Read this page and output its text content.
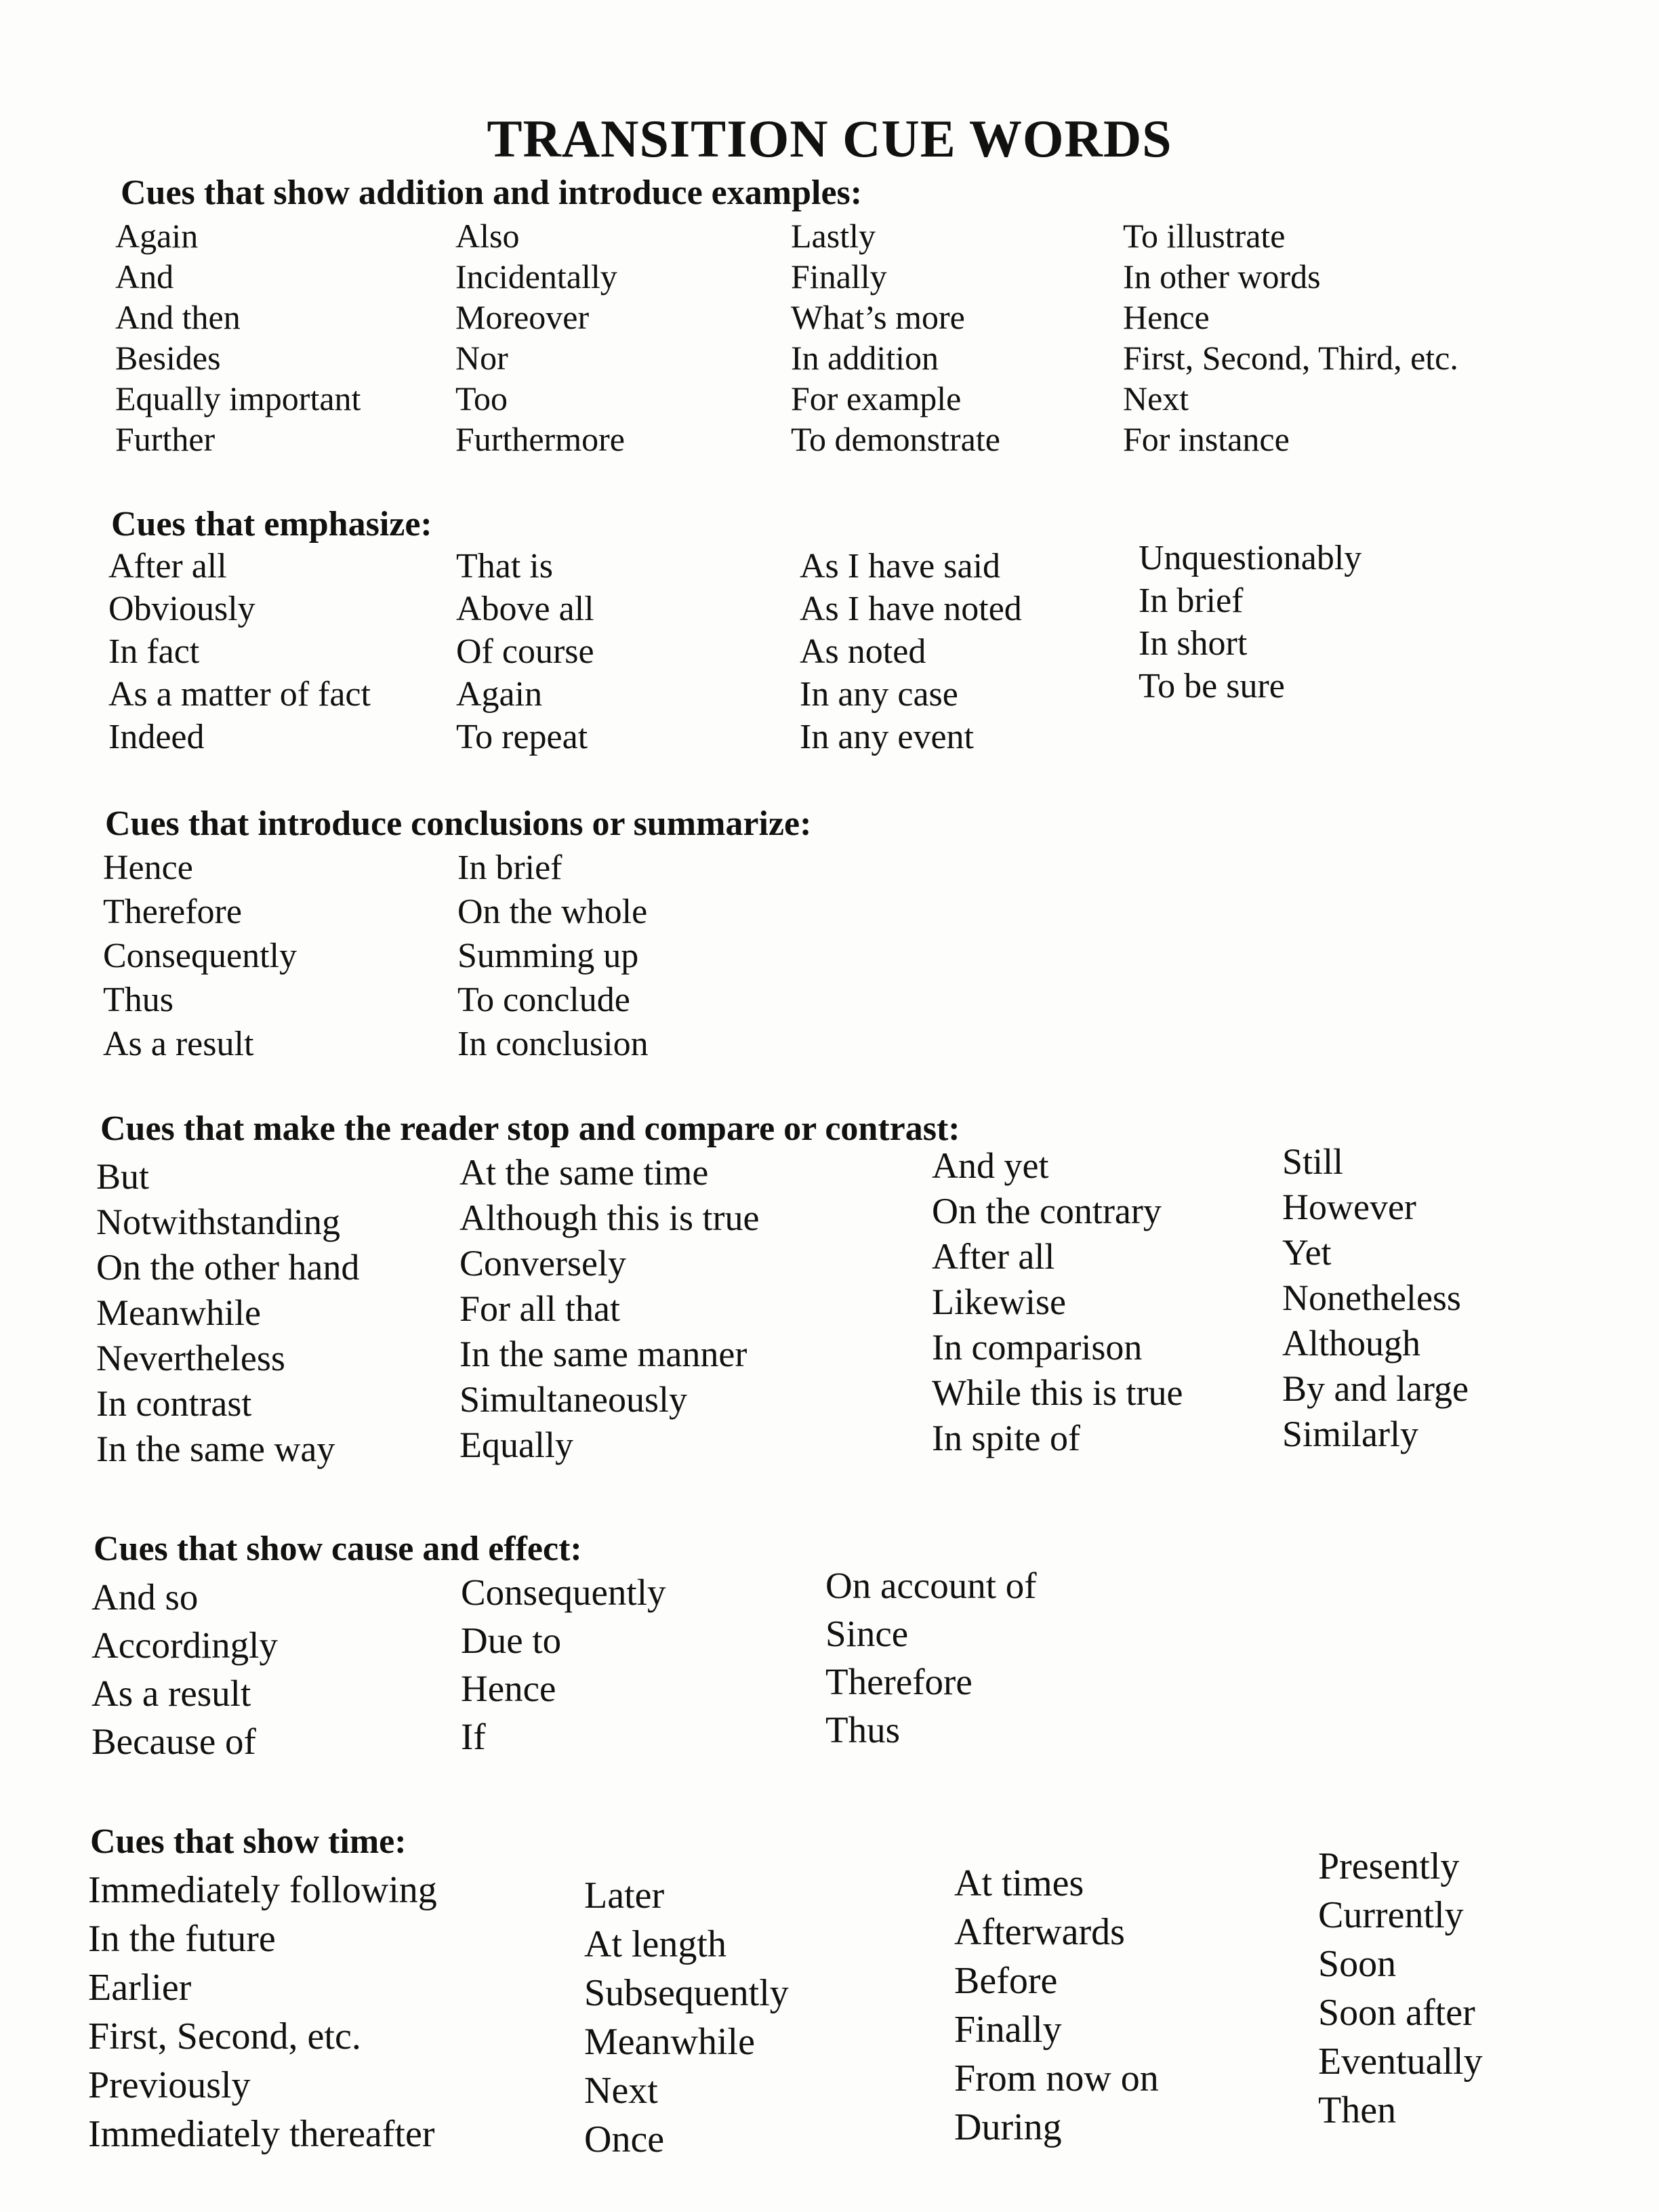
TRANSITION CUE WORDS
Cues that show addition and introduce examples:
Again
And
And then
Besides
Equally important
Further
Also
Incidentally
Moreover
Nor
Too
Furthermore
Lastly
Finally
What’s more
In addition
For example
To demonstrate
To illustrate
In other words
Hence
First, Second, Third, etc.
Next
For instance
Cues that emphasize:
After all
Obviously
In fact
As a matter of fact
Indeed
That is
Above all
Of course
Again
To repeat
As I have said
As I have noted
As noted
In any case
In any event
Unquestionably
In brief
In short
To be sure
Cues that introduce conclusions or summarize:
Hence
Therefore
Consequently
Thus
As a result
In brief
On the whole
Summing up
To conclude
In conclusion
Cues that make the reader stop and compare or contrast:
But
Notwithstanding
On the other hand
Meanwhile
Nevertheless
In contrast
In the same way
At the same time
Although this is true
Conversely
For all that
In the same manner
Simultaneously
Equally
And yet
On the contrary
After all
Likewise
In comparison
While this is true
In spite of
Still
However
Yet
Nonetheless
Although
By and large
Similarly
Cues that show cause and effect:
And so
Accordingly
As a result
Because of
Consequently
Due to
Hence
If
On account of
Since
Therefore
Thus
Cues that show time:
Immediately following
In the future
Earlier
First, Second, etc.
Previously
Immediately thereafter
Later
At length
Subsequently
Meanwhile
Next
Once
At times
Afterwards
Before
Finally
From now on
During
Presently
Currently
Soon
Soon after
Eventually
Then
